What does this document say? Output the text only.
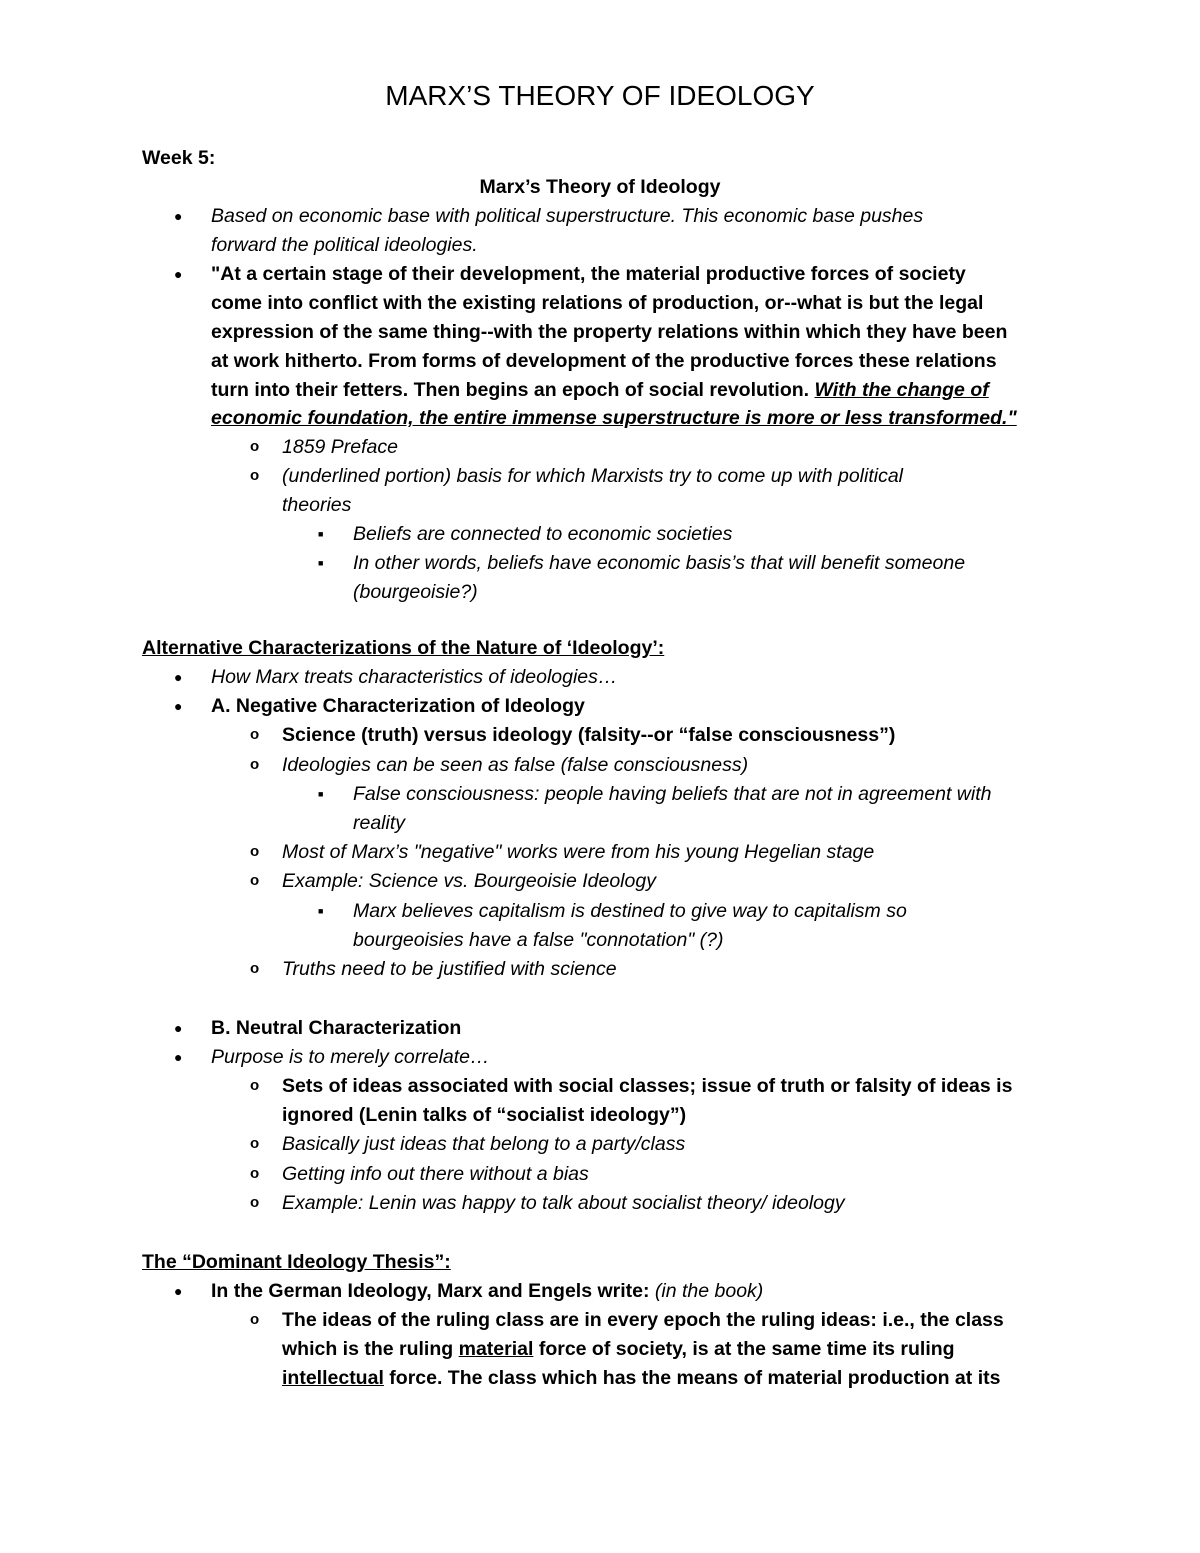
MARX’S THEORY OF IDEOLOGY
Week 5:
Marx’s Theory of Ideology
● Based on economic base with political superstructure. This economic base pushes
forward the political ideologies.
● "At a certain stage of their development, the material productive forces of society
come into conflict with the existing relations of production, or--what is but the legal
expression of the same thing--with the property relations within which they have been
at work hitherto. From forms of development of the productive forces these relations
turn into their fetters. Then begins an epoch of social revolution. With the change of
economic foundation, the entire immense superstructure is more or less transformed."
o 1859 Preface
o (underlined portion) basis for which Marxists try to come up with political
theories
■ Beliefs are connected to economic societies
■ In other words, beliefs have economic basis’s that will benefit someone
(bourgeoisie?)
Alternative Characterizations of the Nature of ‘Ideology’:
● How Marx treats characteristics of ideologies…
● A. Negative Characterization of Ideology
o Science (truth) versus ideology (falsity--or “false consciousness”)
o Ideologies can be seen as false (false consciousness)
■ False consciousness: people having beliefs that are not in agreement with
reality
o Most of Marx’s "negative" works were from his young Hegelian stage
o Example: Science vs. Bourgeoisie Ideology
■ Marx believes capitalism is destined to give way to capitalism so
bourgeoisies have a false "connotation" (?)
o Truths need to be justified with science
● B. Neutral Characterization
● Purpose is to merely correlate…
o Sets of ideas associated with social classes; issue of truth or falsity of ideas is
ignored (Lenin talks of “socialist ideology”)
o Basically just ideas that belong to a party/class
o Getting info out there without a bias
o Example: Lenin was happy to talk about socialist theory/ ideology
The “Dominant Ideology Thesis”:
● In the German Ideology, Marx and Engels write: (in the book)
o The ideas of the ruling class are in every epoch the ruling ideas: i.e., the class
which is the ruling material force of society, is at the same time its ruling
intellectual force. The class which has the means of material production at its
